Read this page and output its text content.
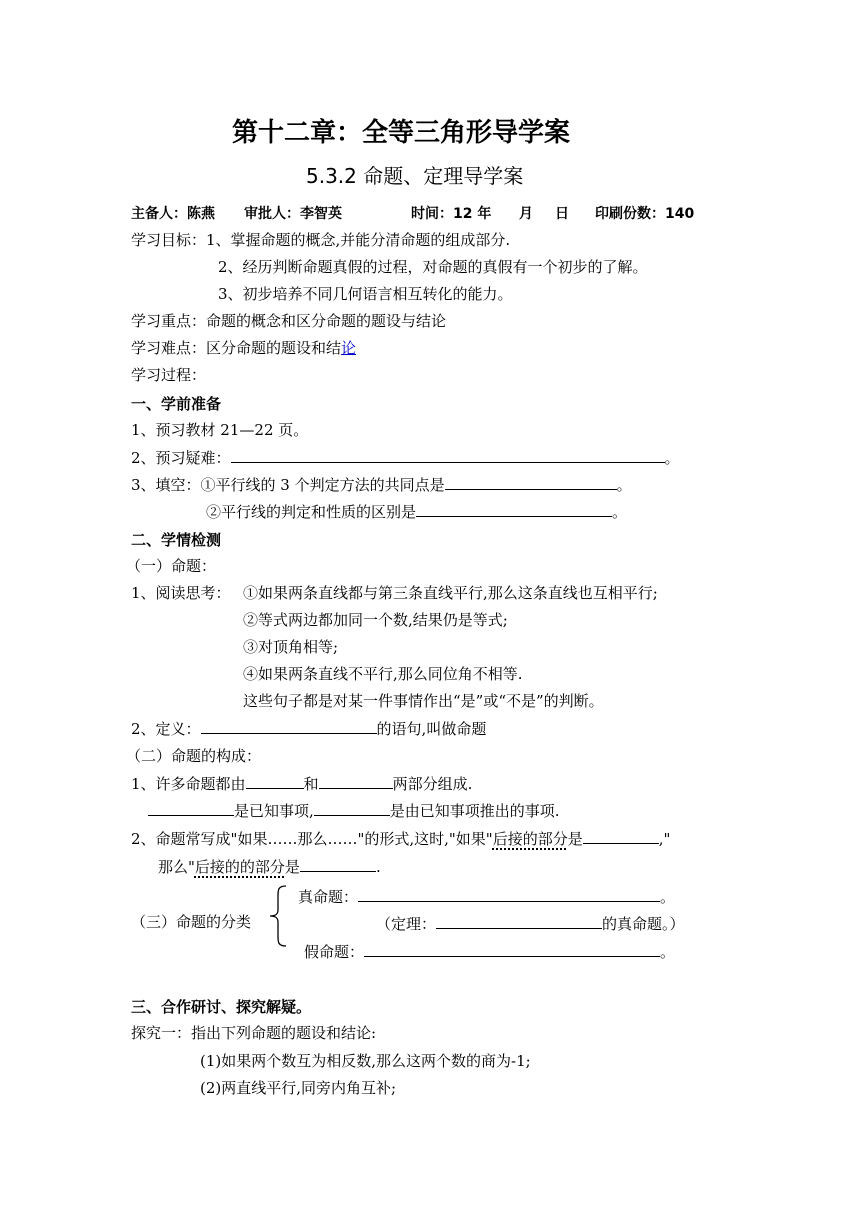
第十二章：全等三角形导学案
5.3.2 命题、定理导学案
主备人：陈燕 审批人：李智英	时间：12 年 月 日 印刷份数：140
学习目标： 1、掌握命题的概念,并能分清命题的组成部分.
2、经历判断命题真假的过程，对命题的真假有一个初步的了解。
3、初步培养不同几何语言相互转化的能力。
学习重点：命题的概念和区分命题的题设与结论
学习难点：区分命题的题设和结论
学习过程：
一、学前准备
1、预习教材 21—22 页。
2、预习疑难：	。
3、填空：①平行线的 3 个判定方法的共同点是	。
②平行线的判定和性质的区别是	。
二、学情检测
（一）命题：
1、阅读思考： ①如果两条直线都与第三条直线平行,那么这条直线也互相平行;
②等式两边都加同一个数,结果仍是等式;
③对顶角相等;
④如果两条直线不平行,那么同位角不相等.
这些句子都是对某一件事情作出“是”或“不是”的判断。
2、定义：	的语句,叫做命题
（二）命题的构成：
1、许多命题都由	和	两部分组成.
是已知事项,	是由已知事项推出的事项.
2、命题常写成"如果……那么……"的形式,这时,"如果"后接的部分是	,"
那么"后接的的部分是	.
（三）命题的分类
真命题：	。
（定理：	的真命题。）
假命题：	。
三、合作研讨、探究解疑。
探究一：指出下列命题的题设和结论:
(1)如果两个数互为相反数,那么这两个数的商为-1;
(2)两直线平行,同旁内角互补;
